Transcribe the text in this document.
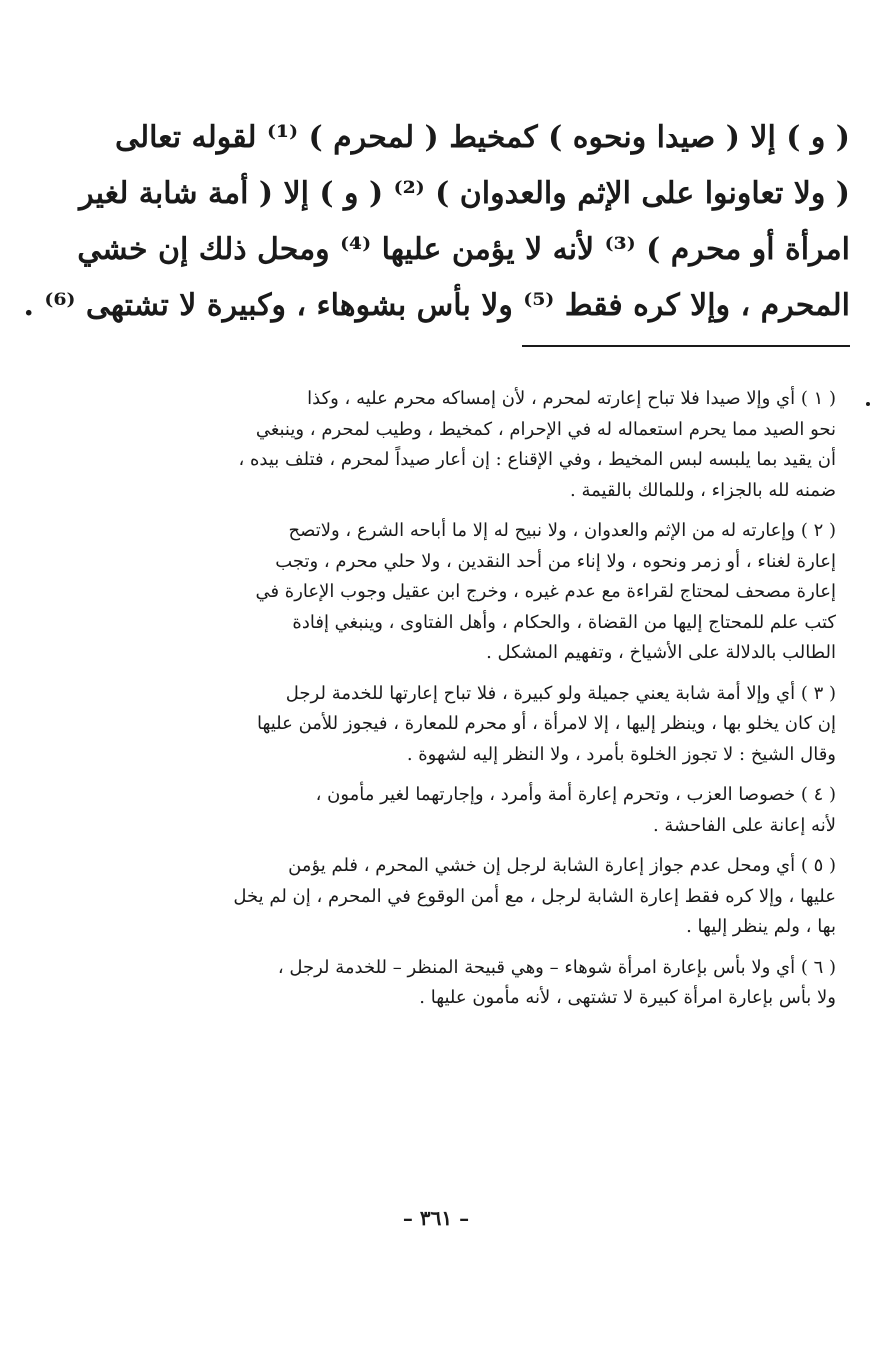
( و ) إلا ( صيدا ونحوه ) كمخيط ( لمحرم ) ⁽¹⁾ لقوله تعالى
( ولا تعاونوا على الإثم والعدوان ) ⁽²⁾ ( و ) إلا ( أمة شابة لغير
امرأة أو محرم ) ⁽³⁾ لأنه لا يؤمن عليها ⁽⁴⁾ ومحل ذلك إن خشي
المحرم ، وإلا كره فقط ⁽⁵⁾ ولا بأس بشوهاء ، وكبيرة لا تشتهى ⁽⁶⁾ .
( ١ ) أي وإلا صيدا فلا تباح إعارته لمحرم ، لأن إمساكه محرم عليه ، وكذا
نحو الصيد مما يحرم استعماله له في الإحرام ، كمخيط ، وطيب لمحرم ، وينبغي
أن يقيد بما يلبسه لبس المخيط ، وفي الإقناع : إن أعار صيداً لمحرم ، فتلف بيده ،
ضمنه لله بالجزاء ، وللمالك بالقيمة .
( ٢ ) وإعارته له من الإثم والعدوان ، ولا نبيح له إلا ما أباحه الشرع ، ولاتصح
إعارة لغناء ، أو زمر ونحوه ، ولا إناء من أحد النقدين ، ولا حلي محرم ، وتجب
إعارة مصحف لمحتاج لقراءة مع عدم غيره ، وخرج ابن عقيل وجوب الإعارة في
كتب علم للمحتاج إليها من القضاة ، والحكام ، وأهل الفتاوى ، وينبغي إفادة
الطالب بالدلالة على الأشياخ ، وتفهيم المشكل .
( ٣ ) أي وإلا أمة شابة يعني جميلة ولو كبيرة ، فلا تباح إعارتها للخدمة لرجل
إن كان يخلو بها ، وينظر إليها ، إلا لامرأة ، أو محرم للمعارة ، فيجوز للأمن عليها
وقال الشيخ : لا تجوز الخلوة بأمرد ، ولا النظر إليه لشهوة .
( ٤ ) خصوصا العزب ، وتحرم إعارة أمة وأمرد ، وإجارتهما لغير مأمون ،
لأنه إعانة على الفاحشة .
( ٥ ) أي ومحل عدم جواز إعارة الشابة لرجل إن خشي المحرم ، فلم يؤمن
عليها ، وإلا كره فقط إعارة الشابة لرجل ، مع أمن الوقوع في المحرم ، إن لم يخل
بها ، ولم ينظر إليها .
( ٦ ) أي ولا بأس بإعارة امرأة شوهاء – وهي قبيحة المنظر – للخدمة لرجل ،
ولا بأس بإعارة امرأة كبيرة لا تشتهى ، لأنه مأمون عليها .
– ٣٦١ –
